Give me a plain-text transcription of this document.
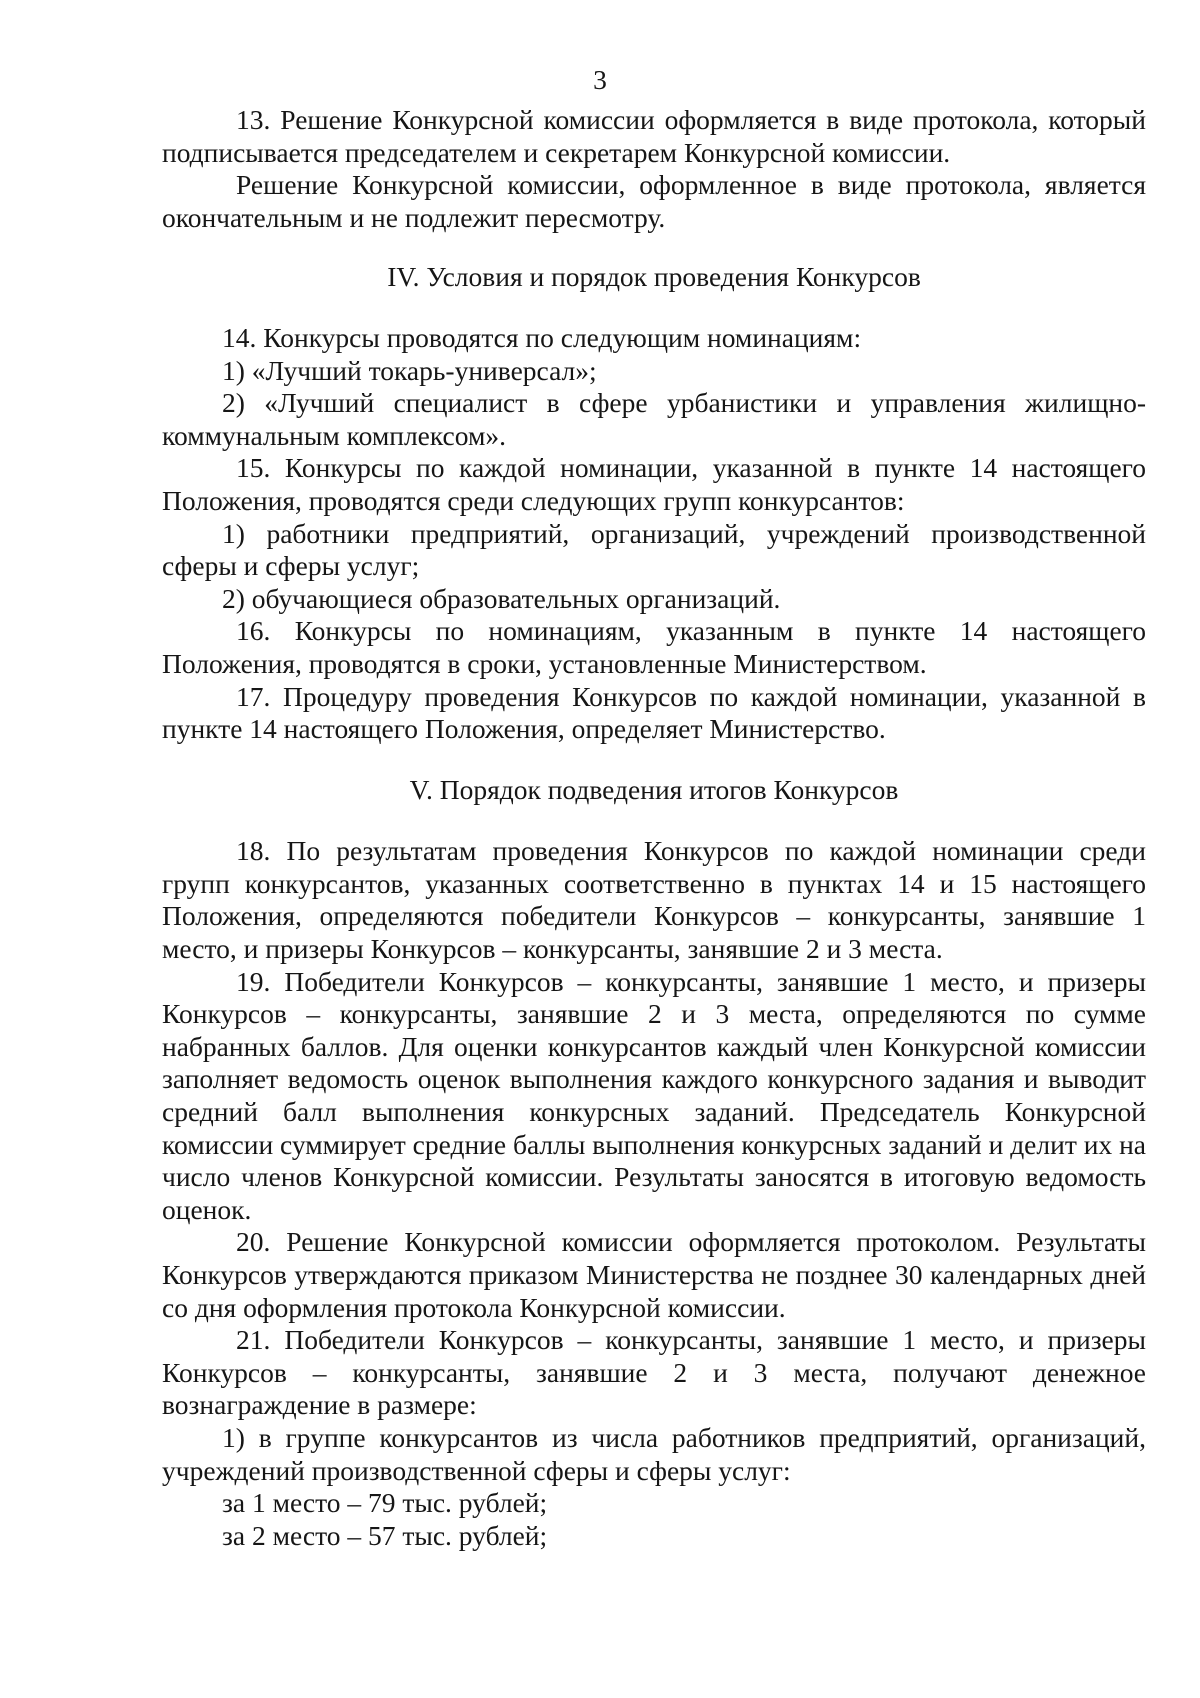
3

13. Решение Конкурсной комиссии оформляется в виде протокола, который подписывается председателем и секретарем Конкурсной комиссии.

Решение Конкурсной комиссии, оформленное в виде протокола, является окончательным и не подлежит пересмотру.

IV. Условия и порядок проведения Конкурсов

14. Конкурсы проводятся по следующим номинациям:

1) «Лучший токарь-универсал»;

2) «Лучший специалист в сфере урбанистики и управления жилищно-коммунальным комплексом».

15. Конкурсы по каждой номинации, указанной в пункте 14 настоящего Положения, проводятся среди следующих групп конкурсантов:

1) работники предприятий, организаций, учреждений производственной сферы и сферы услуг;

2) обучающиеся образовательных организаций.

16. Конкурсы по номинациям, указанным в пункте 14 настоящего Положения, проводятся в сроки, установленные Министерством.

17. Процедуру проведения Конкурсов по каждой номинации, указанной в пункте 14 настоящего Положения, определяет Министерство.

V. Порядок подведения итогов Конкурсов

18. По результатам проведения Конкурсов по каждой номинации среди групп конкурсантов, указанных соответственно в пунктах 14 и 15 настоящего Положения, определяются победители Конкурсов – конкурсанты, занявшие 1 место, и призеры Конкурсов – конкурсанты, занявшие 2 и 3 места.

19. Победители Конкурсов – конкурсанты, занявшие 1 место, и призеры Конкурсов – конкурсанты, занявшие 2 и 3 места, определяются по сумме набранных баллов. Для оценки конкурсантов каждый член Конкурсной комиссии заполняет ведомость оценок выполнения каждого конкурсного задания и выводит средний балл выполнения конкурсных заданий. Председатель Конкурсной комиссии суммирует средние баллы выполнения конкурсных заданий и делит их на число членов Конкурсной комиссии. Результаты заносятся в итоговую ведомость оценок.

20. Решение Конкурсной комиссии оформляется протоколом. Результаты Конкурсов утверждаются приказом Министерства не позднее 30 календарных дней со дня оформления протокола Конкурсной комиссии.

21. Победители Конкурсов – конкурсанты, занявшие 1 место, и призеры Конкурсов – конкурсанты, занявшие 2 и 3 места, получают денежное вознаграждение в размере:

1) в группе конкурсантов из числа работников предприятий, организаций, учреждений производственной сферы и сферы услуг:

за 1 место – 79 тыс. рублей;

за 2 место – 57 тыс. рублей;
